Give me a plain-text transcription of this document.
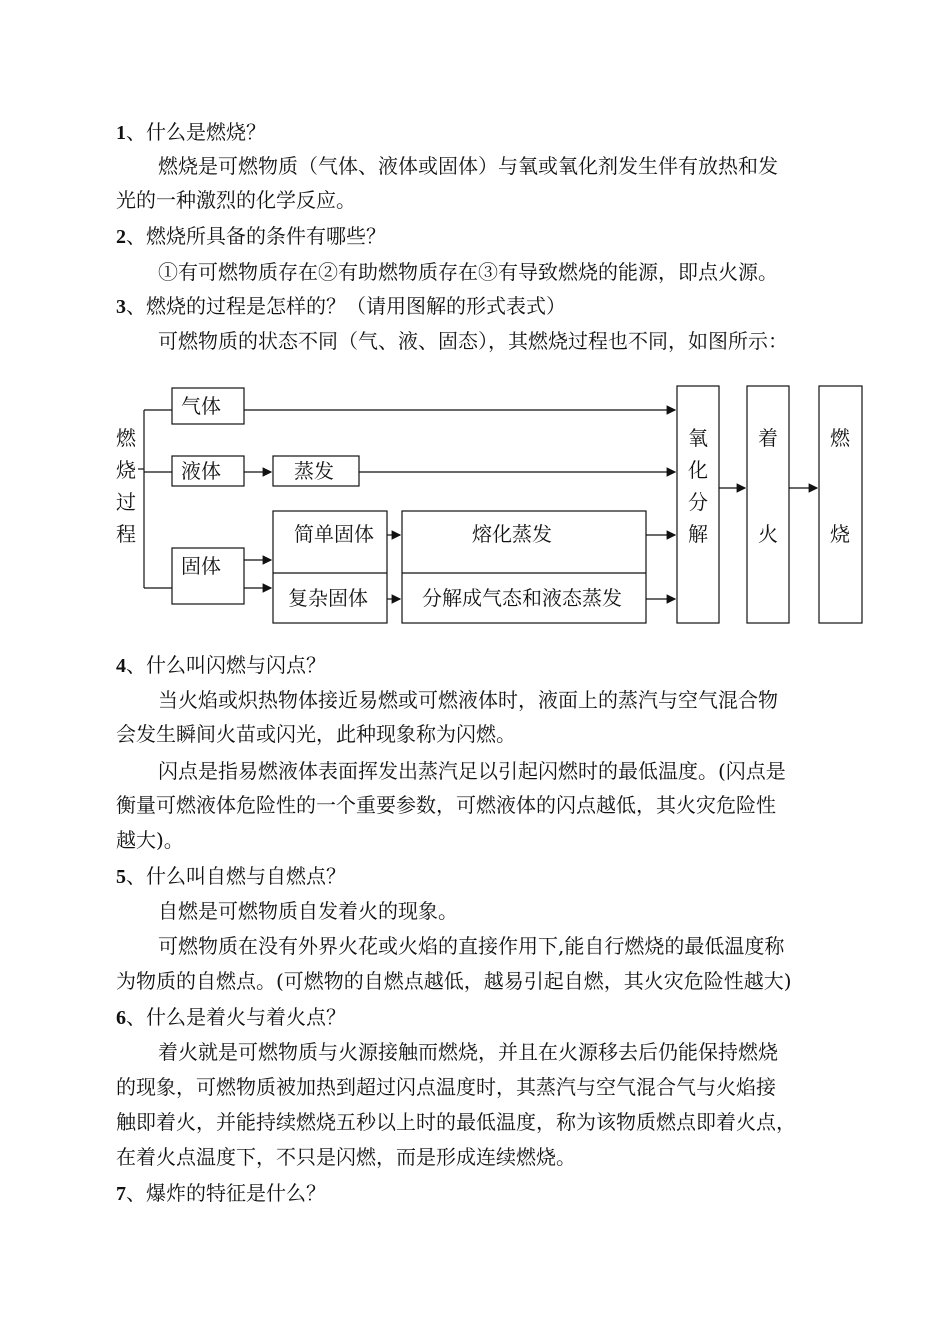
1、什么是燃烧？
燃烧是可燃物质（气体、液体或固体）与氧或氧化剂发生伴有放热和发
光的一种激烈的化学反应。
2、燃烧所具备的条件有哪些？
①有可燃物质存在②有助燃物质存在③有导致燃烧的能源，即点火源。
3、燃烧的过程是怎样的？（请用图解的形式表式）
可燃物质的状态不同（气、液、固态），其燃烧过程也不同，如图所示：
燃
烧
过
程
气体
液体	蒸发
固体
简单固体
复杂固体
熔化蒸发
分解成气态和液态蒸发
氧
化
分
解
着
火
燃
烧
4、什么叫闪燃与闪点？
当火焰或炽热物体接近易燃或可燃液体时，液面上的蒸汽与空气混合物
会发生瞬间火苗或闪光，此种现象称为闪燃。
闪点是指易燃液体表面挥发出蒸汽足以引起闪燃时的最低温度。(闪点是
衡量可燃液体危险性的一个重要参数，可燃液体的闪点越低，其火灾危险性
越大)。
5、什么叫自燃与自燃点？
自燃是可燃物质自发着火的现象。
可燃物质在没有外界火花或火焰的直接作用下,能自行燃烧的最低温度称
为物质的自燃点。(可燃物的自燃点越低，越易引起自燃，其火灾危险性越大)
6、什么是着火与着火点？
着火就是可燃物质与火源接触而燃烧，并且在火源移去后仍能保持燃烧
的现象，可燃物质被加热到超过闪点温度时，其蒸汽与空气混合气与火焰接
触即着火，并能持续燃烧五秒以上时的最低温度，称为该物质燃点即着火点，
在着火点温度下，不只是闪燃，而是形成连续燃烧。
7、爆炸的特征是什么？
